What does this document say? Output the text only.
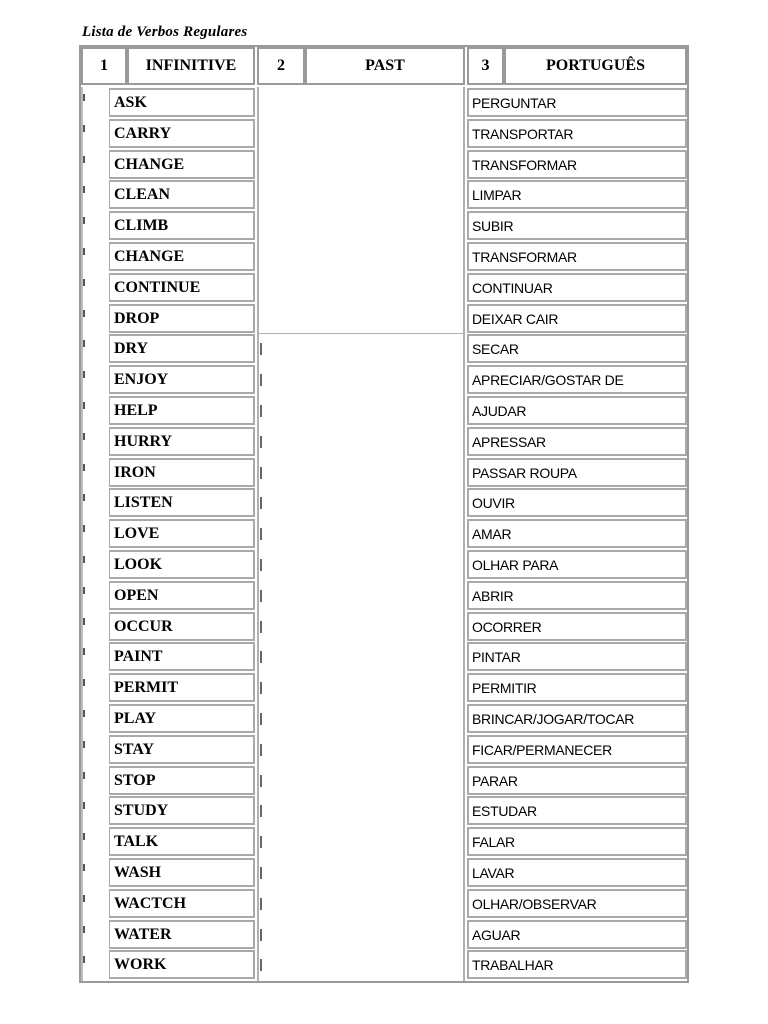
Lista de Verbos Regulares
1	INFINITIVE	2	PAST	3	PORTUGUÊS
ASK	PERGUNTAR
CARRY	TRANSPORTAR
CHANGE	TRANSFORMAR
CLEAN	LIMPAR
CLIMB	SUBIR
CHANGE	TRANSFORMAR
CONTINUE	CONTINUAR
DROP	DEIXAR CAIR
DRY	SECAR
ENJOY	APRECIAR/GOSTAR DE
HELP	AJUDAR
HURRY	APRESSAR
IRON	PASSAR ROUPA
LISTEN	OUVIR
LOVE	AMAR
LOOK	OLHAR PARA
OPEN	ABRIR
OCCUR	OCORRER
PAINT	PINTAR
PERMIT	PERMITIR
PLAY	BRINCAR/JOGAR/TOCAR
STAY	FICAR/PERMANECER
STOP	PARAR
STUDY	ESTUDAR
TALK	FALAR
WASH	LAVAR
WACTCH	OLHAR/OBSERVAR
WATER	AGUAR
WORK	TRABALHAR
